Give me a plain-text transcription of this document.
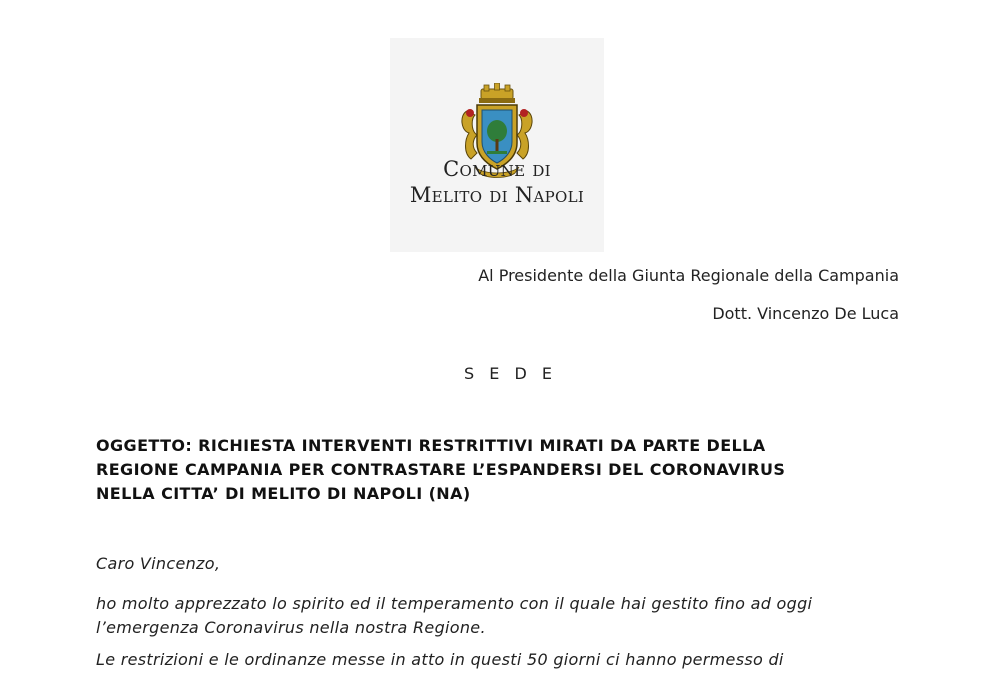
Comune di
Melito di Napoli
Al Presidente della Giunta Regionale della Campania
Dott. Vincenzo De Luca
S E D E
OGGETTO: RICHIESTA INTERVENTI RESTRITTIVI MIRATI DA PARTE DELLA
REGIONE CAMPANIA PER CONTRASTARE L’ESPANDERSI DEL CORONAVIRUS
NELLA CITTA’ DI MELITO DI NAPOLI (NA)
Caro Vincenzo,
ho molto apprezzato lo spirito ed il temperamento con il quale hai gestito fino ad oggi
l’emergenza Coronavirus nella nostra Regione.
Le restrizioni e le ordinanze messe in atto in questi 50 giorni ci hanno permesso di
